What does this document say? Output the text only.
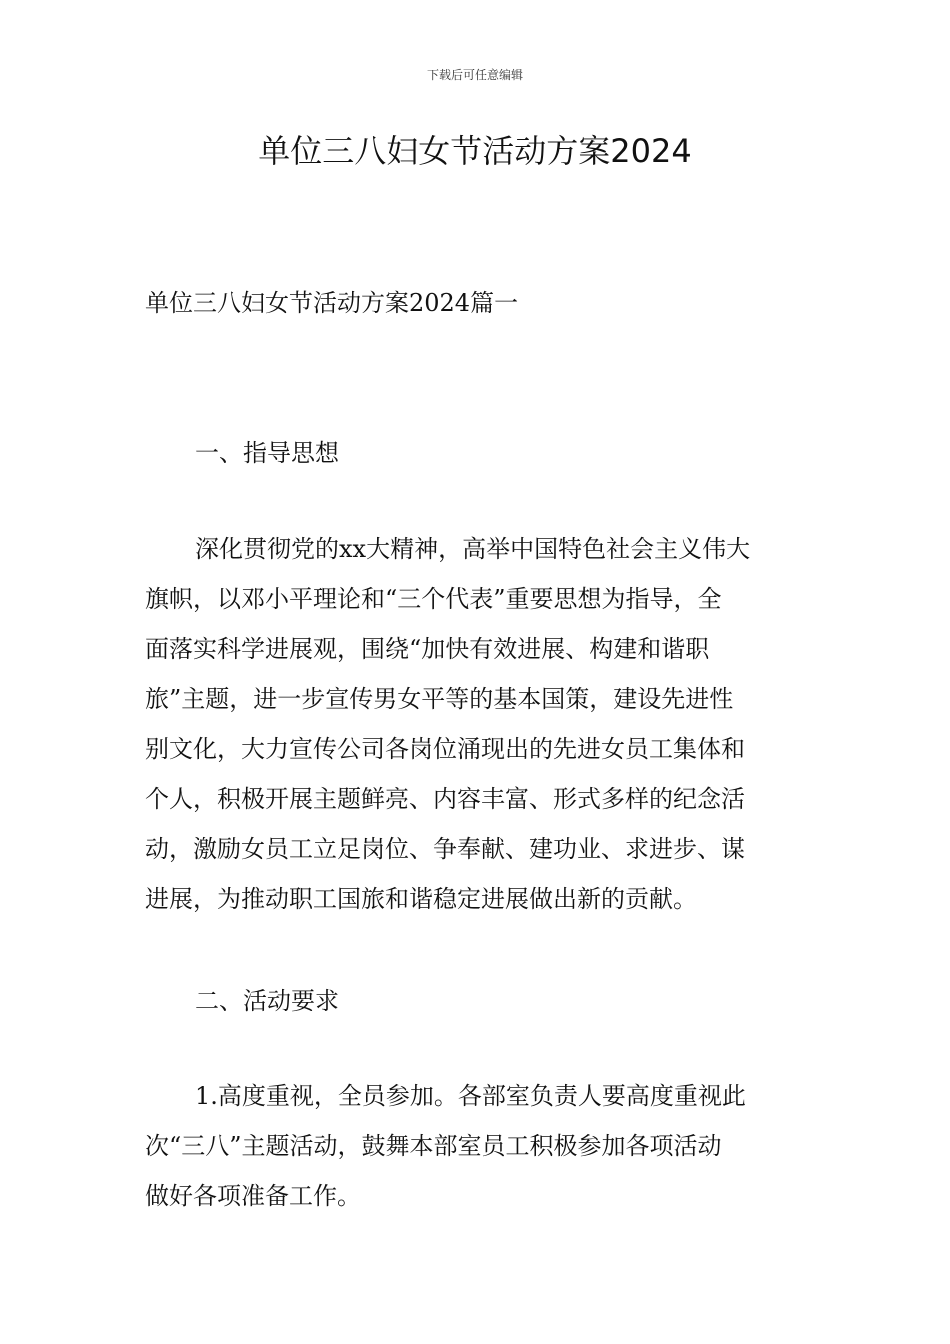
下载后可任意编辑
单位三八妇女节活动方案2024
单位三八妇女节活动方案2024篇一
一、指导思想
深化贯彻党的xx大精神，高举中国特色社会主义伟大
旗帜，以邓小平理论和“三个代表”重要思想为指导，全
面落实科学进展观，围绕“加快有效进展、构建和谐职
旅”主题，进一步宣传男女平等的基本国策，建设先进性
别文化，大力宣传公司各岗位涌现出的先进女员工集体和
个人，积极开展主题鲜亮、内容丰富、形式多样的纪念活
动，激励女员工立足岗位、争奉献、建功业、求进步、谋
进展，为推动职工国旅和谐稳定进展做出新的贡献。
二、活动要求
1.高度重视，全员参加。各部室负责人要高度重视此
次“三八”主题活动，鼓舞本部室员工积极参加各项活动
做好各项准备工作。
